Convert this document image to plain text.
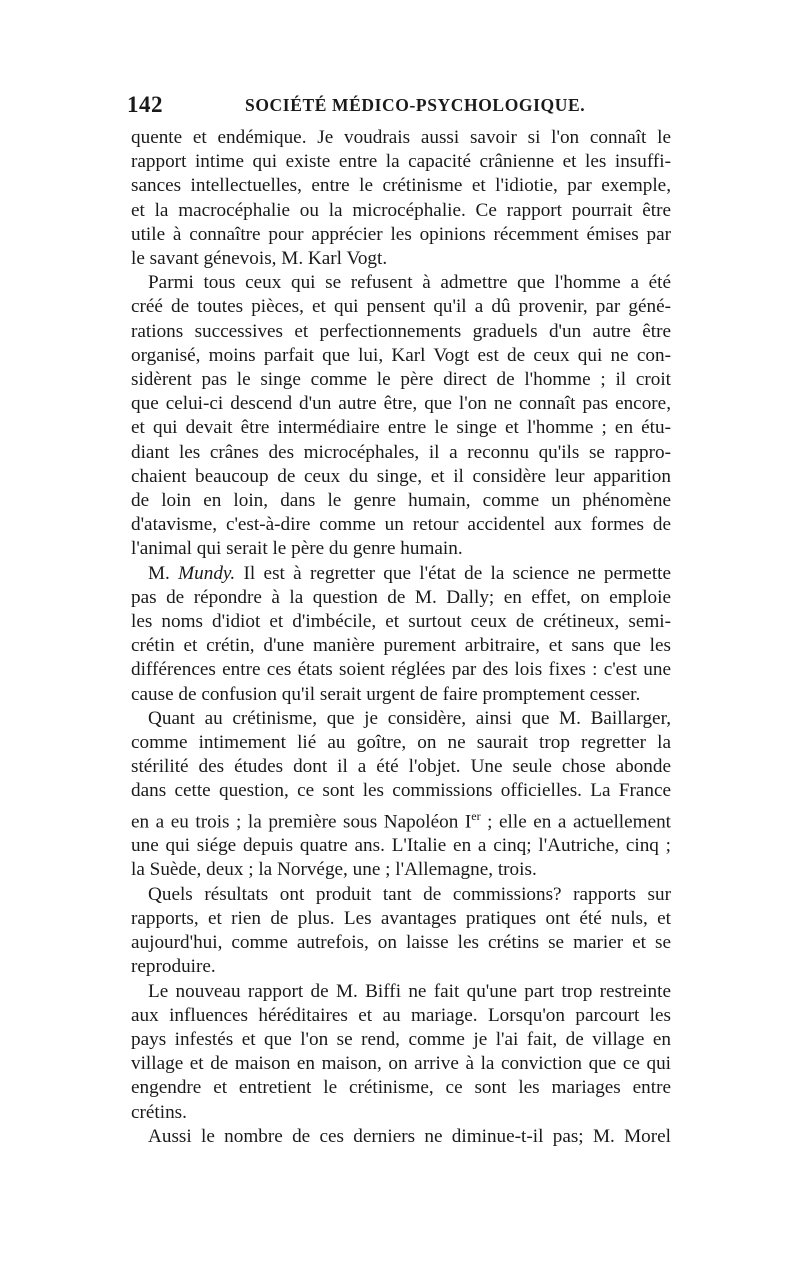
142	SOCIÉTÉ MÉDICO-PSYCHOLOGIQUE.

quente et endémique. Je voudrais aussi savoir si l'on connaît le
rapport intime qui existe entre la capacité crânienne et les insuffi-
sances intellectuelles, entre le crétinisme et l'idiotie, par exemple,
et la macrocéphalie ou la microcéphalie. Ce rapport pourrait être
utile à connaître pour apprécier les opinions récemment émises par
le savant génevois, M. Karl Vogt.

Parmi tous ceux qui se refusent à admettre que l'homme a été
créé de toutes pièces, et qui pensent qu'il a dû provenir, par géné-
rations successives et perfectionnements graduels d'un autre être
organisé, moins parfait que lui, Karl Vogt est de ceux qui ne con-
sidèrent pas le singe comme le père direct de l'homme ; il croit
que celui-ci descend d'un autre être, que l'on ne connaît pas encore,
et qui devait être intermédiaire entre le singe et l'homme ; en étu-
diant les crânes des microcéphales, il a reconnu qu'ils se rappro-
chaient beaucoup de ceux du singe, et il considère leur apparition
de loin en loin, dans le genre humain, comme un phénomène
d'atavisme, c'est-à-dire comme un retour accidentel aux formes de
l'animal qui serait le père du genre humain.

M. Mundy. Il est à regretter que l'état de la science ne permette
pas de répondre à la question de M. Dally; en effet, on emploie
les noms d'idiot et d'imbécile, et surtout ceux de crétineux, semi-
crétin et crétin, d'une manière purement arbitraire, et sans que les
différences entre ces états soient réglées par des lois fixes : c'est une
cause de confusion qu'il serait urgent de faire promptement cesser.

Quant au crétinisme, que je considère, ainsi que M. Baillarger,
comme intimement lié au goître, on ne saurait trop regretter la
stérilité des études dont il a été l'objet. Une seule chose abonde
dans cette question, ce sont les commissions officielles. La France
en a eu trois ; la première sous Napoléon Ier ; elle en a actuellement
une qui siége depuis quatre ans. L'Italie en a cinq; l'Autriche, cinq ;
la Suède, deux ; la Norvége, une ; l'Allemagne, trois.

Quels résultats ont produit tant de commissions? rapports sur
rapports, et rien de plus. Les avantages pratiques ont été nuls, et
aujourd'hui, comme autrefois, on laisse les crétins se marier et se
reproduire.

Le nouveau rapport de M. Biffi ne fait qu'une part trop restreinte
aux influences héréditaires et au mariage. Lorsqu'on parcourt les
pays infestés et que l'on se rend, comme je l'ai fait, de village en
village et de maison en maison, on arrive à la conviction que ce qui
engendre et entretient le crétinisme, ce sont les mariages entre
crétins.

Aussi le nombre de ces derniers ne diminue-t-il pas; M. Morel
